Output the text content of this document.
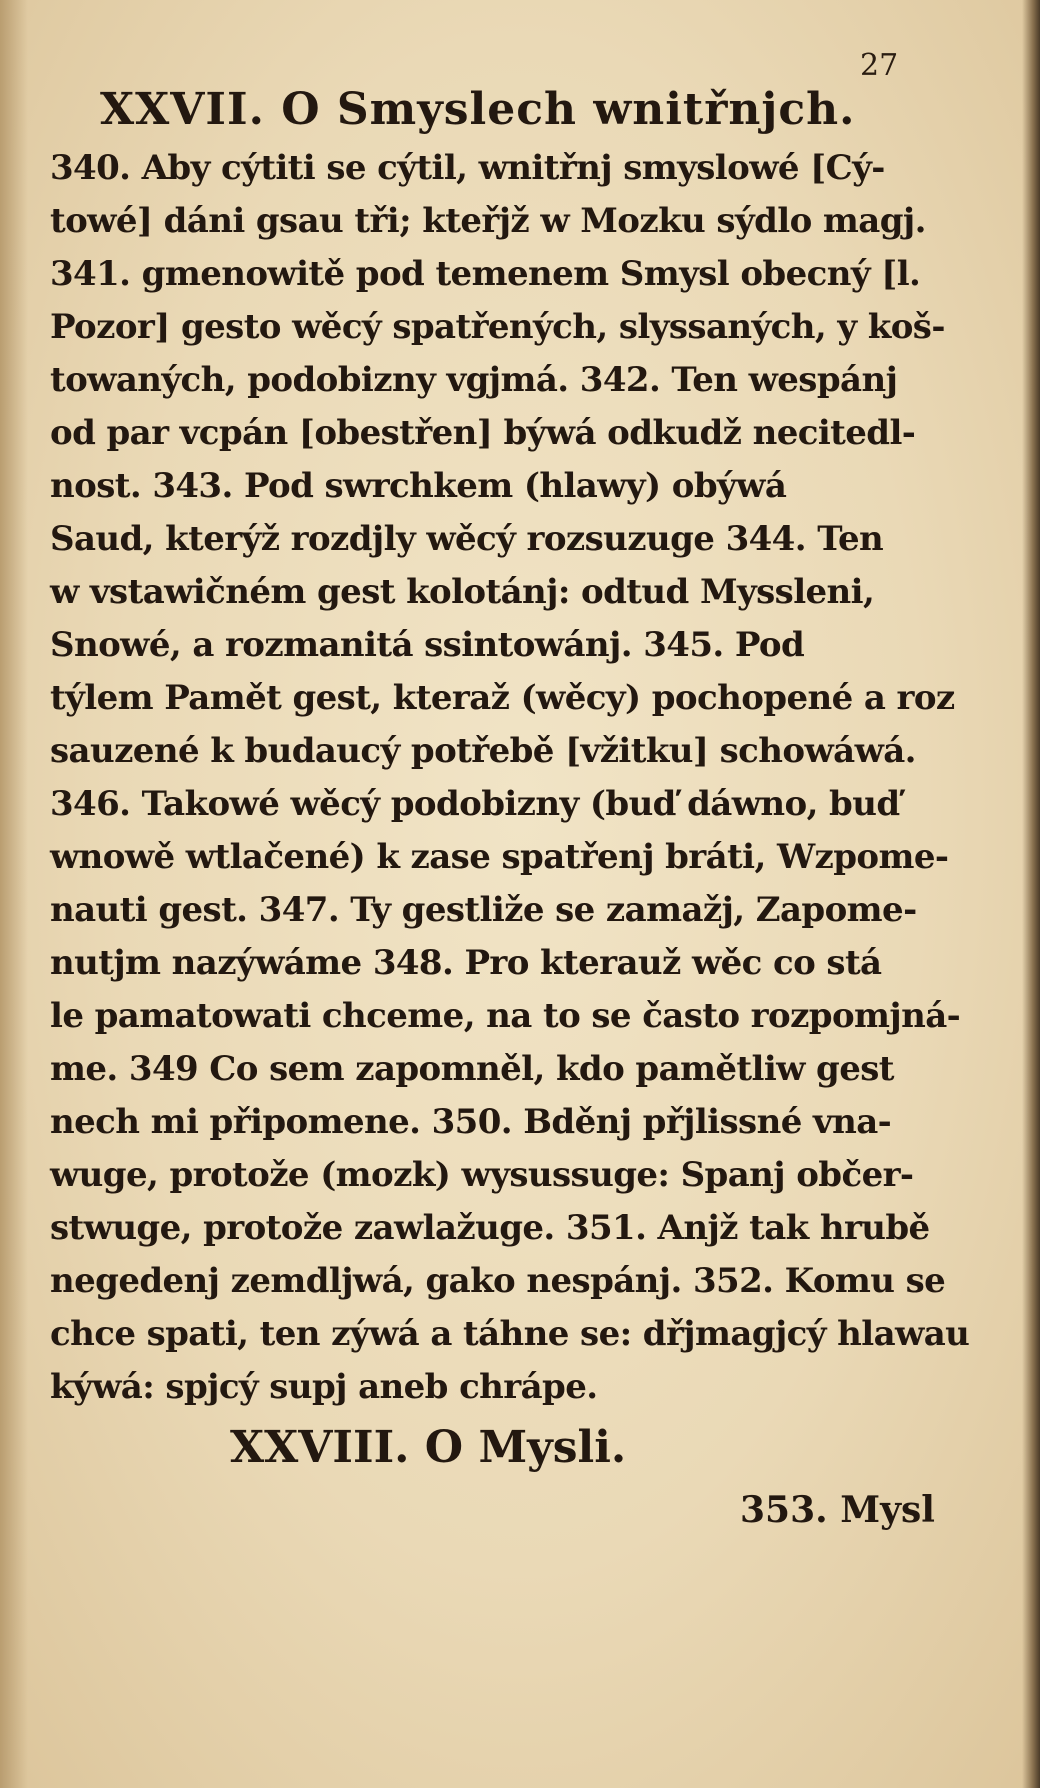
27
XXVII. O Smyslech wnitřnjch.
340. Aby cýtiti se cýtil, wnitřnj smyslowé [Cý-
towé] dáni gsau tři; kteřjž w Mozku sýdlo magj.
341. gmenowitě pod temenem Smysl obecný [l.
Pozor] gesto wěcý spatřených, slyssaných, y koš-
towaných, podobizny vgjmá. 342. Ten wespánj
od par vcpán [obestřen] býwá odkudž necitedl-
nost. 343. Pod swrchkem (hlawy) obýwá
Saud, kterýž rozdjly wěcý rozsuzuge 344. Ten
w vstawičném gest kolotánj: odtud Myssleni,
Snowé, a rozmanitá ssintowánj. 345. Pod
týlem Pamět gest, kteraž (wěcy) pochopené a roz
sauzené k budaucý potřebě [vžitku] schowáwá.
346. Takowé wěcý podobizny (buď dáwno, buď
wnowě wtlačené) k zase spatřenj bráti, Wzpome-
nauti gest. 347. Ty gestliže se zamažj, Zapome-
nutjm nazýwáme 348. Pro kterauž wěc co stá
le pamatowati chceme, na to se často rozpomjná-
me. 349 Co sem zapomněl, kdo pamětliw gest
nech mi připomene. 350. Bděnj přjlissné vna-
wuge, protože (mozk) wysussuge: Spanj občer-
stwuge, protože zawlažuge. 351. Anjž tak hrubě
negedenj zemdljwá, gako nespánj. 352. Komu se
chce spati, ten zýwá a táhne se: dřjmagjcý hlawau
kýwá: spjcý supj aneb chrápe.
XXVIII. O Mysli.
353. Mysl
